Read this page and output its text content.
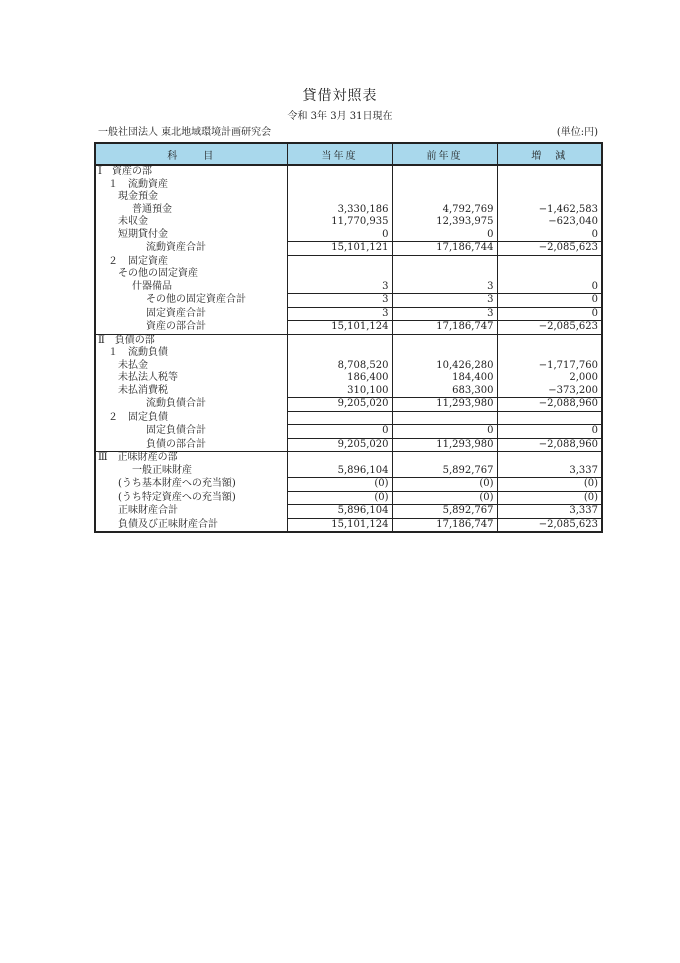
貸借対照表
令和 3年 3月 31日現在
一般社団法人 東北地域環境計画研究会	(単位:円)
科　　目	当年度	前年度	増　減
Ⅰ　資産の部			
１　流動資産			
現金預金			
普通預金	3,330,186	4,792,769	−1,462,583
未収金	11,770,935	12,393,975	−623,040
短期貸付金	0	0	0
流動資産合計	15,101,121	17,186,744	−2,085,623
２　固定資産			
その他の固定資産			
什器備品	3	3	0
その他の固定資産合計	3	3	0
固定資産合計	3	3	0
資産の部合計	15,101,124	17,186,747	−2,085,623
Ⅱ　負債の部			
１　流動負債			
未払金	8,708,520	10,426,280	−1,717,760
未払法人税等	186,400	184,400	2,000
未払消費税	310,100	683,300	−373,200
流動負債合計	9,205,020	11,293,980	−2,088,960
２　固定負債			
固定負債合計	0	0	0
負債の部合計	9,205,020	11,293,980	−2,088,960
Ⅲ　正味財産の部			
一般正味財産	5,896,104	5,892,767	3,337
(うち基本財産への充当額)	(0)	(0)	(0)
(うち特定資産への充当額)	(0)	(0)	(0)
正味財産合計	5,896,104	5,892,767	3,337
負債及び正味財産合計	15,101,124	17,186,747	−2,085,623
